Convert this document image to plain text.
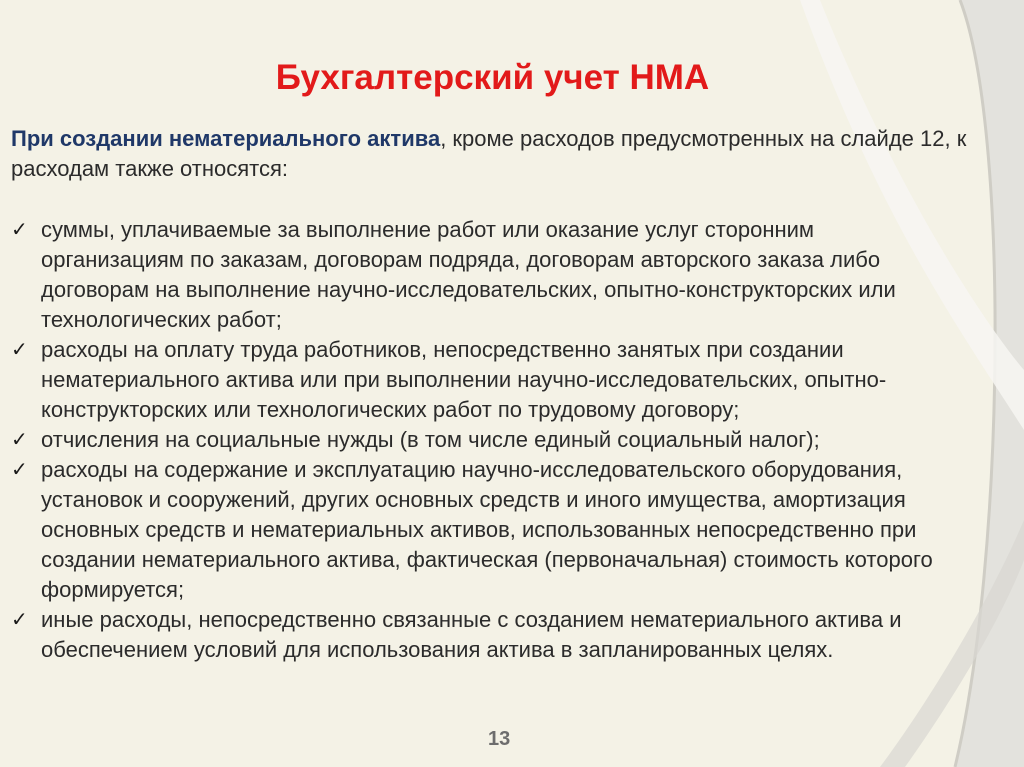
Бухгалтерский учет НМА

При создании нематериального актива, кроме расходов предусмотренных на слайде 12, к расходам также относятся:

✓ суммы, уплачиваемые за выполнение работ или оказание услуг сторонним организациям по заказам, договорам подряда, договорам авторского заказа либо договорам на выполнение научно-исследовательских, опытно-конструкторских или технологических работ;
✓ расходы на оплату труда работников, непосредственно занятых при создании нематериального актива или при выполнении научно-исследовательских, опытно-конструкторских или технологических работ по трудовому договору;
✓ отчисления на социальные нужды (в том числе единый социальный налог);
✓ расходы на содержание и эксплуатацию научно-исследовательского оборудования, установок и сооружений, других основных средств и иного имущества, амортизация основных средств и нематериальных активов, использованных непосредственно при создании нематериального актива, фактическая (первоначальная) стоимость которого формируется;
✓ иные расходы, непосредственно связанные с созданием нематериального актива и обеспечением условий для использования актива в запланированных целях.
13
